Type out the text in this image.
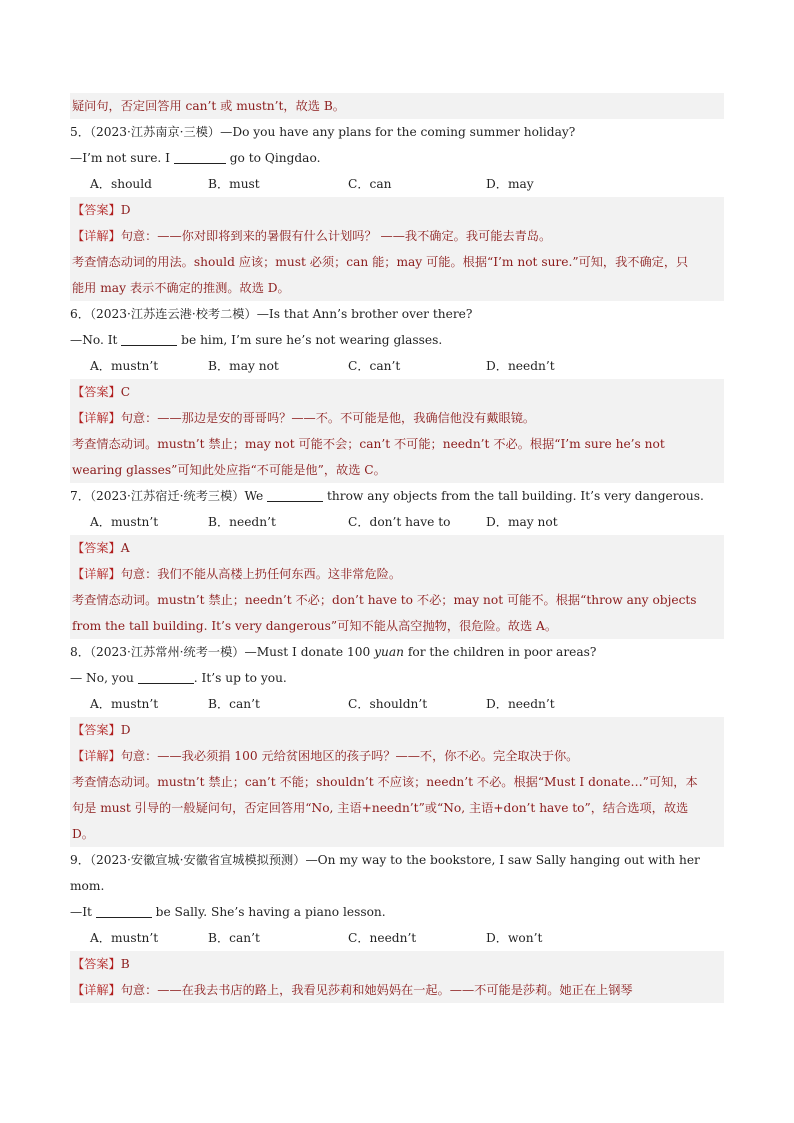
疑问句，否定回答用 can’t 或 mustn’t，故选 B。
5．（2023·江苏南京·三模）—Do you have any plans for the coming summer holiday?
—I’m not sure. I	go to Qingdao.
A．should	B．must	C．can	D．may
【答案】D
【详解】句意：——你对即将到来的暑假有什么计划吗？ ——我不确定。我可能去青岛。
考查情态动词的用法。should 应该；must 必须；can 能；may 可能。根据“I’m not sure.”可知，我不确定，只
能用 may 表示不确定的推测。故选 D。
6．（2023·江苏连云港·校考二模）—Is that Ann’s brother over there?
—No. It	be him, I’m sure he’s not wearing glasses.
A．mustn’t	B．may not	C．can’t	D．needn’t
【答案】C
【详解】句意：——那边是安的哥哥吗？——不。不可能是他，我确信他没有戴眼镜。
考查情态动词。mustn’t 禁止；may not 可能不会；can’t 不可能；needn’t 不必。根据“I’m sure he’s not
wearing glasses”可知此处应指“不可能是他”，故选 C。
7．（2023·江苏宿迁·统考三模）We	throw any objects from the tall building. It’s very dangerous.
A．mustn’t	B．needn’t	C．don’t have to	D．may not
【答案】A
【详解】句意：我们不能从高楼上扔任何东西。这非常危险。
考查情态动词。mustn’t 禁止；needn’t 不必；don’t have to 不必；may not 可能不。根据“throw any objects
from the tall building. It’s very dangerous”可知不能从高空抛物，很危险。故选 A。
8．（2023·江苏常州·统考一模）—Must I donate 100 yuan for the children in poor areas?
— No, you	. It’s up to you.
A．mustn’t	B．can’t	C．shouldn’t	D．needn’t
【答案】D
【详解】句意：——我必须捐 100 元给贫困地区的孩子吗？——不，你不必。完全取决于你。
考查情态动词。mustn’t 禁止；can’t 不能；shouldn’t 不应该；needn’t 不必。根据“Must I donate…”可知，本
句是 must 引导的一般疑问句，否定回答用“No, 主语+needn’t”或“No, 主语+don’t have to”，结合选项，故选
D。
9．（2023·安徽宣城·安徽省宣城模拟预测）—On my way to the bookstore, I saw Sally hanging out with her
mom.
—It	be Sally. She’s having a piano lesson.
A．mustn’t	B．can’t	C．needn’t	D．won’t
【答案】B
【详解】句意：——在我去书店的路上，我看见莎莉和她妈妈在一起。——不可能是莎莉。她正在上钢琴
